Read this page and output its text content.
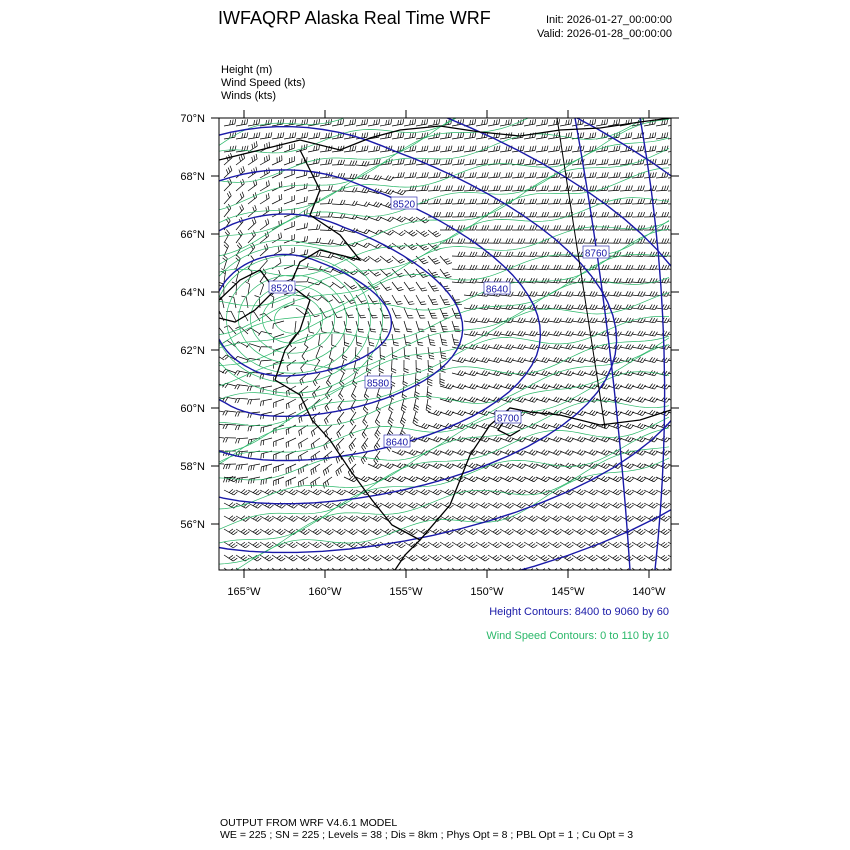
IWFAQRP Alaska Real Time WRF	Init: 2026-01-27_00:00:00
Valid: 2026-01-28_00:00:00
Height (m)
Wind Speed (kts)
Winds (kts)
8520
8640
8760
8580
8640
8700
8520
70°N
68°N
66°N
64°N
62°N
60°N
58°N
56°N
165°W	160°W	155°W	150°W	145°W	140°W
Height Contours: 8400 to 9060 by 60
Wind Speed Contours: 0 to 110 by 10
OUTPUT FROM WRF V4.6.1 MODEL
WE = 225 ; SN = 225 ; Levels = 38 ; Dis = 8km ; Phys Opt = 8 ; PBL Opt = 1 ; Cu Opt = 3
